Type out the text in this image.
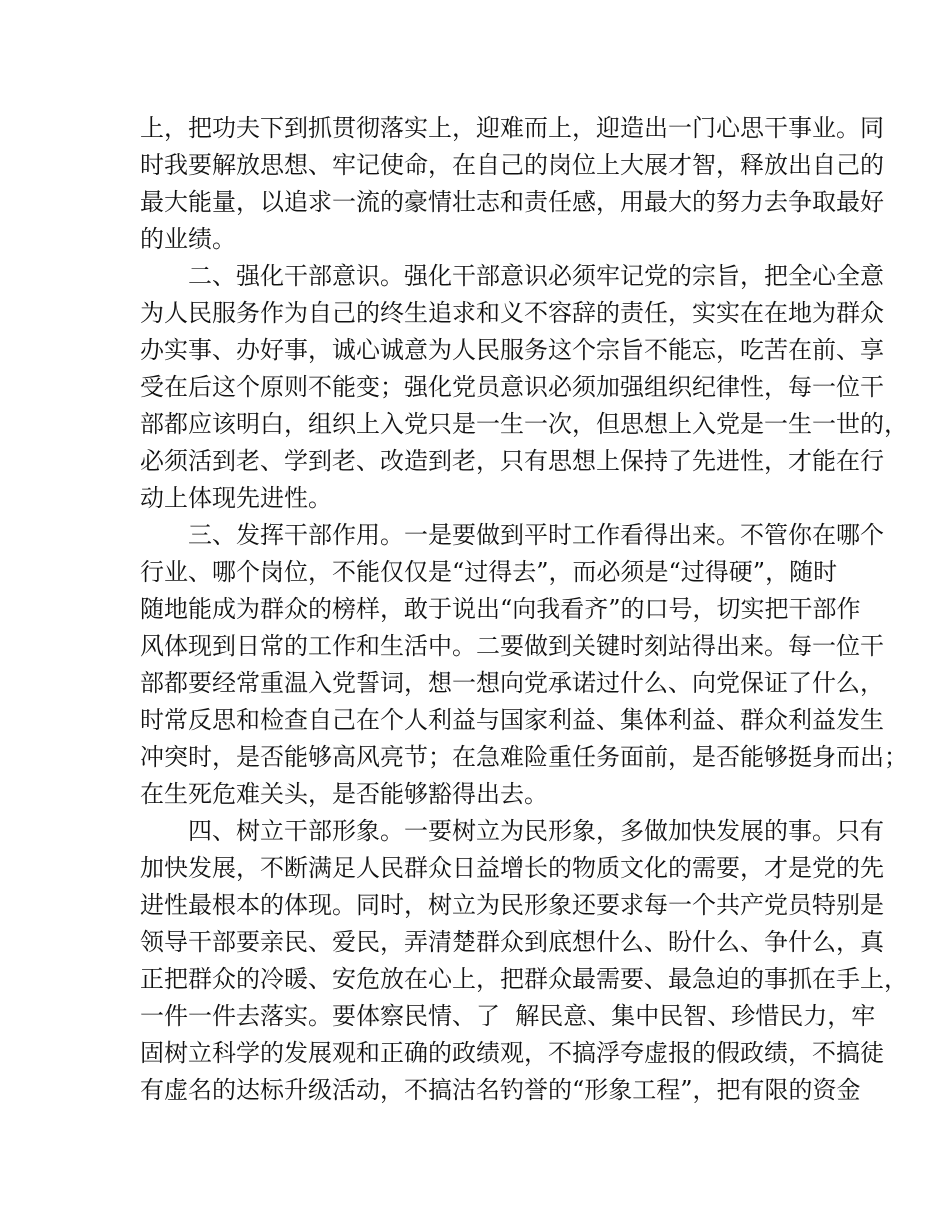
上，把功夫下到抓贯彻落实上，迎难而上，迎造出一门心思干事业。同
时我要解放思想、牢记使命，在自己的岗位上大展才智，释放出自己的
最大能量，以追求一流的豪情壮志和责任感，用最大的努力去争取最好
的业绩。
二、强化干部意识。强化干部意识必须牢记党的宗旨，把全心全意
为人民服务作为自己的终生追求和义不容辞的责任，实实在在地为群众
办实事、办好事，诚心诚意为人民服务这个宗旨不能忘，吃苦在前、享
受在后这个原则不能变；强化党员意识必须加强组织纪律性，每一位干
部都应该明白，组织上入党只是一生一次，但思想上入党是一生一世的，
必须活到老、学到老、改造到老，只有思想上保持了先进性，才能在行
动上体现先进性。
三、发挥干部作用。一是要做到平时工作看得出来。不管你在哪个
行业、哪个岗位，不能仅仅是“过得去”，而必须是“过得硬”，随时
随地能成为群众的榜样，敢于说出“向我看齐”的口号，切实把干部作
风体现到日常的工作和生活中。二要做到关键时刻站得出来。每一位干
部都要经常重温入党誓词，想一想向党承诺过什么、向党保证了什么，
时常反思和检查自己在个人利益与国家利益、集体利益、群众利益发生
冲突时，是否能够高风亮节；在急难险重任务面前，是否能够挺身而出；
在生死危难关头，是否能够豁得出去。
四、树立干部形象。一要树立为民形象，多做加快发展的事。只有
加快发展，不断满足人民群众日益增长的物质文化的需要，才是党的先
进性最根本的体现。同时，树立为民形象还要求每一个共产党员特别是
领导干部要亲民、爱民，弄清楚群众到底想什么、盼什么、争什么，真
正把群众的冷暖、安危放在心上，把群众最需要、最急迫的事抓在手上，
一件一件去落实。要体察民情、了  解民意、集中民智、珍惜民力，牢
固树立科学的发展观和正确的政绩观，不搞浮夸虚报的假政绩，不搞徒
有虚名的达标升级活动，不搞沽名钓誉的“形象工程”，把有限的资金
